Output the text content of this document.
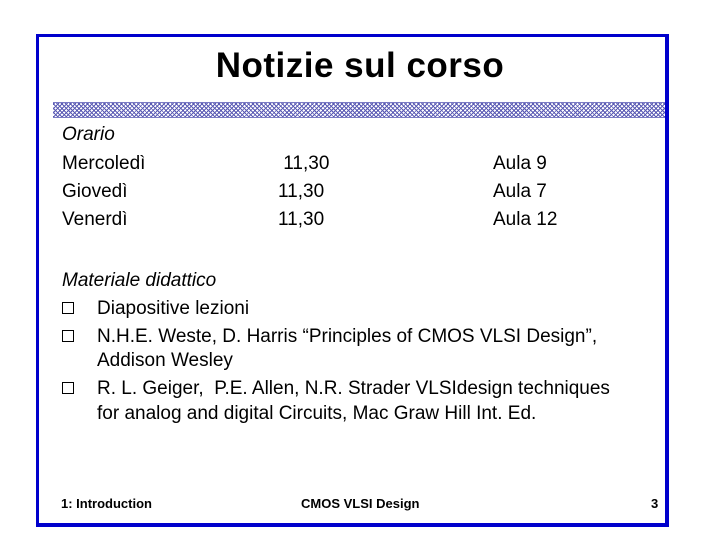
Notizie sul corso
Orario
Mercoledì	11,30	Aula 9
Giovedì	11,30	Aula 7
Venerdì	11,30	Aula 12
Materiale didattico
Diapositive lezioni
N.H.E. Weste, D. Harris “Principles of CMOS VLSI Design”,
Addison Wesley
R. L. Geiger,  P.E. Allen, N.R. Strader VLSIdesign techniques
for analog and digital Circuits, Mac Graw Hill Int. Ed.
1: Introduction	CMOS VLSI Design	3
